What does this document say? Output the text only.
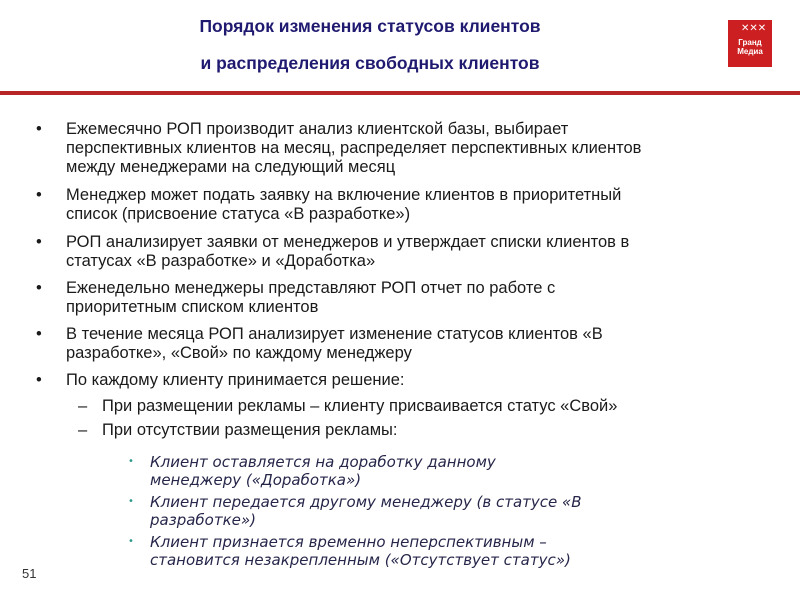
Порядок изменения статусов клиентов
и распределения свободных клиентов
✕✕✕
Гранд
Медиа
• Ежемесячно РОП производит анализ клиентской базы, выбирает
перспективных клиентов на месяц, распределяет перспективных клиентов
между менеджерами на следующий месяц
• Менеджер может подать заявку на включение клиентов в приоритетный
список (присвоение статуса «В разработке»)
• РОП анализирует заявки от менеджеров и утверждает списки клиентов в
статусах «В разработке» и «Доработка»
• Еженедельно менеджеры представляют РОП отчет по работе с
приоритетным списком клиентов
• В течение месяца РОП анализирует изменение статусов клиентов «В
разработке», «Свой» по каждому менеджеру
• По каждому клиенту принимается решение:
– При размещении рекламы – клиенту присваивается статус «Свой»
– При отсутствии размещения рекламы:
• Клиент оставляется на доработку данному
менеджеру («Доработка»)
• Клиент передается другому менеджеру (в статусе «В
разработке»)
• Клиент признается временно неперспективным –
становится незакрепленным («Отсутствует статус»)
51
